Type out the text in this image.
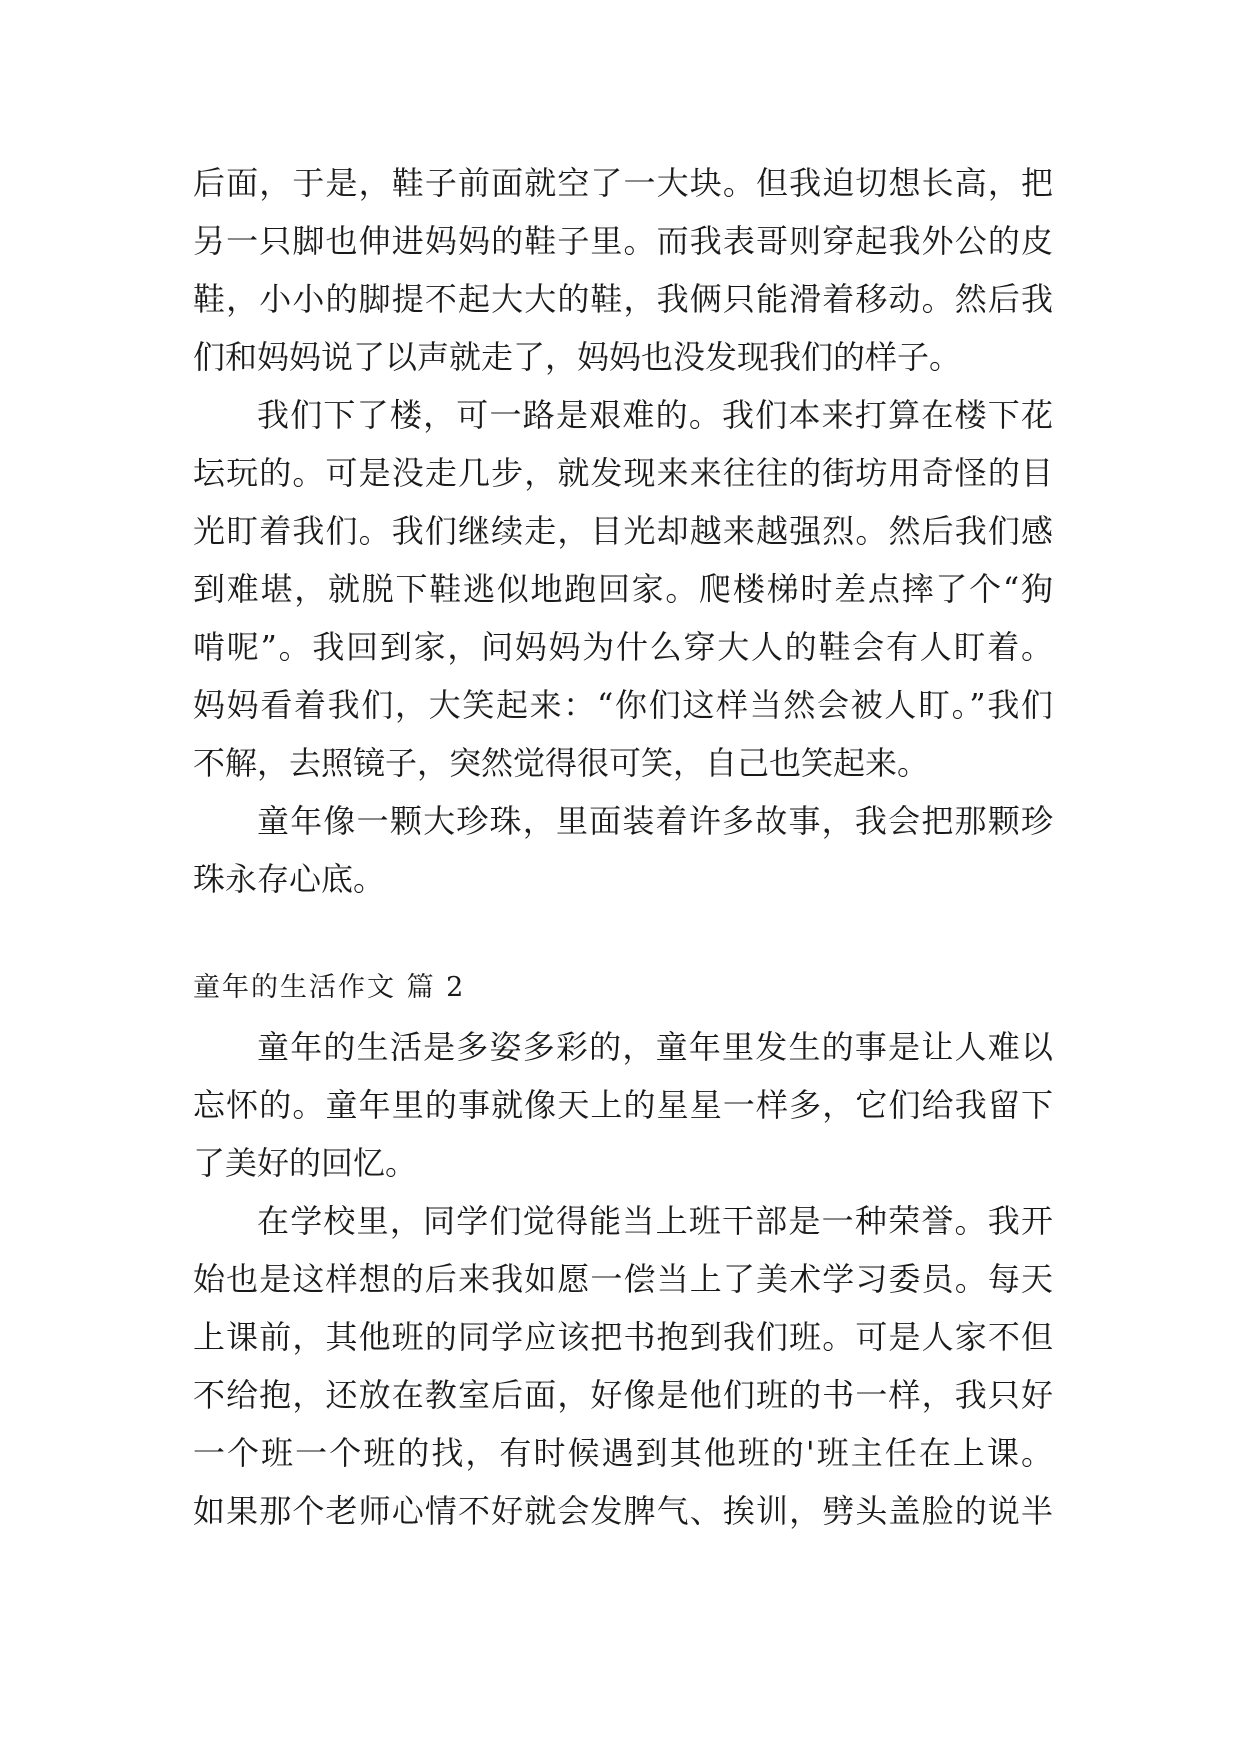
后面，于是，鞋子前面就空了一大块。但我迫切想长高，把
另一只脚也伸进妈妈的鞋子里。而我表哥则穿起我外公的皮
鞋，小小的脚提不起大大的鞋，我俩只能滑着移动。然后我
们和妈妈说了以声就走了，妈妈也没发现我们的样子。
我们下了楼，可一路是艰难的。我们本来打算在楼下花
坛玩的。可是没走几步，就发现来来往往的街坊用奇怪的目
光盯着我们。我们继续走，目光却越来越强烈。然后我们感
到难堪，就脱下鞋逃似地跑回家。爬楼梯时差点摔了个“狗
啃呢”。我回到家，问妈妈为什么穿大人的鞋会有人盯着。
妈妈看着我们，大笑起来：“你们这样当然会被人盯。”我们
不解，去照镜子，突然觉得很可笑，自己也笑起来。
童年像一颗大珍珠，里面装着许多故事，我会把那颗珍
珠永存心底。
童年的生活作文 篇 2
童年的生活是多姿多彩的，童年里发生的事是让人难以
忘怀的。童年里的事就像天上的星星一样多，它们给我留下
了美好的回忆。
在学校里，同学们觉得能当上班干部是一种荣誉。我开
始也是这样想的后来我如愿一偿当上了美术学习委员。每天
上课前，其他班的同学应该把书抱到我们班。可是人家不但
不给抱，还放在教室后面，好像是他们班的书一样，我只好
一个班一个班的找，有时候遇到其他班的'班主任在上课。
如果那个老师心情不好就会发脾气、挨训，劈头盖脸的说半
